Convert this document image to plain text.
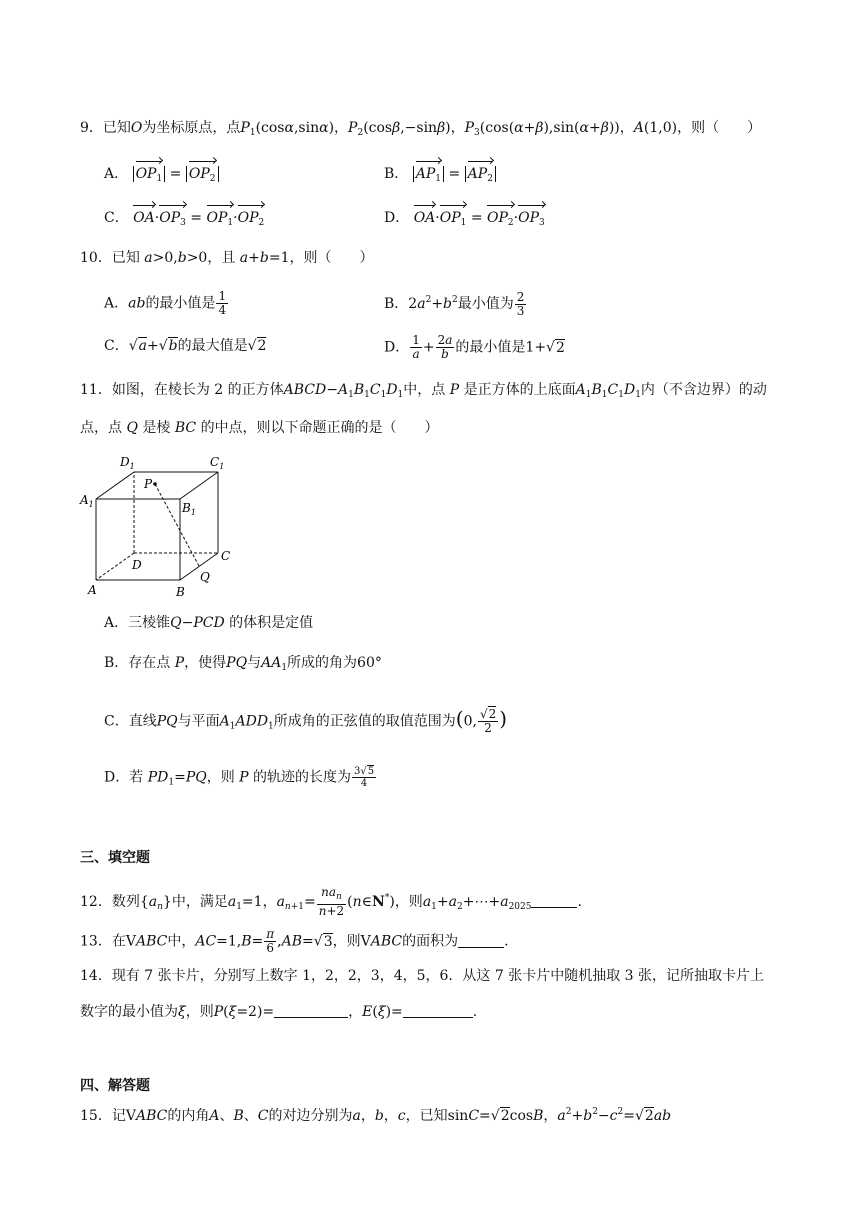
9．已知O为坐标原点，点$P_1(\cos\alpha,\sin\alpha)$，$P_2(\cos\beta,-\sin\beta)$，$P_3(\cos(\alpha+\beta),\sin(\alpha+\beta))$，A(1,0)，则（　　）
A． $OP_1 = OP_2$	B． $AP_1 = AP_2$
C． $OA\cdot OP_3 = OP_1\cdot OP_2$	D． $OA\cdot OP_1 = OP_2\cdot OP_3$
10．已知 a>0,b>0，且 a+b=1，则（　　）
A．ab的最小值是 $\frac{1}{4}$	B．$2a^2+b^2$最小值为 $\frac{2}{3}$
C．√a+√b的最大值是√2	D． $\frac{1}{a} + \frac{2a}{b}$ 的最小值是1+√2
11．如图，在棱长为 2 的正方体$ABCD-A_1B_1C_1D_1$中，点 P 是正方体的上底面$A_1B_1C_1D_1$内（不含边界）的动
点，点 Q 是棱 BC 的中点，则以下命题正确的是（　　）
$D_1$	$C_1$
$A_1$	$B_1$
P
D
C
A	B
Q
A．三棱锥Q−PCD 的体积是定值
B．存在点 P，使得PQ与$AA_1$所成的角为60°
C．直线PQ与平面$A_1ADD_1$所成角的正弦值的取值范围为(0, $\frac{√2}{2}$ )
D．若 $PD_1=PQ$，则 P 的轨迹的长度为 $\frac{3√5}{4}$
三、填空题
12．数列$\{a_n\}$中，满足$a_1=1$，$a_{n+1}= \frac{na_n}{n+2}$ (n∈N*)，则$a_1+a_2+\cdots+a_{2025}$	.
13．在VABC中，$AC=1,B= \frac{\pi}{6} ,AB=√3$，则VABC的面积为	.
14．现有 7 张卡片，分别写上数字 1，2，2，3，4，5，6．从这 7 张卡片中随机抽取 3 张，记所抽取卡片上
数字的最小值为ξ，则P(ξ=2)=	，E(ξ)=	.
四、解答题
15．记VABC的内角A、B、C的对边分别为a，b，c，已知sinC=√2cosB，$a^2+b^2-c^2=√2ab$
